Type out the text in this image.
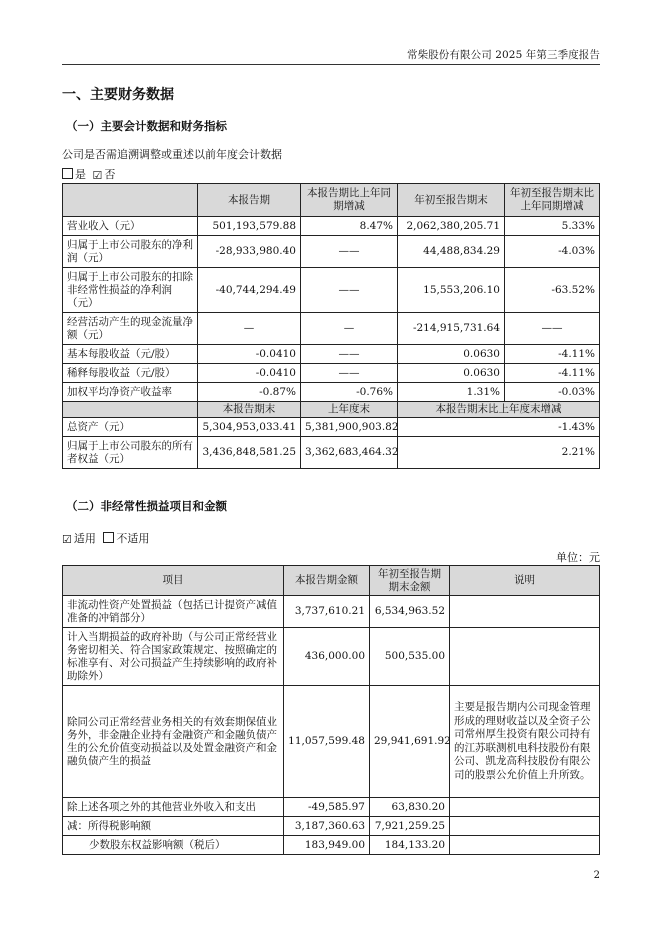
常柴股份有限公司 2025 年第三季度报告
一、主要财务数据
（一）主要会计数据和财务指标
公司是否需追溯调整或重述以前年度会计数据
是 ☑ 否
	本报告期	本报告期比上年同期增减	年初至报告期末	年初至报告期末比上年同期增减
营业收入（元）	501,193,579.88	8.47%	2,062,380,205.71	5.33%
归属于上市公司股东的净利润（元）	-28,933,980.40	——	44,488,834.29	-4.03%
归属于上市公司股东的扣除非经常性损益的净利润（元）	-40,744,294.49	——	15,553,206.10	-63.52%
经营活动产生的现金流量净额（元）	—	—	-214,915,731.64	——
基本每股收益（元/股）	-0.0410	——	0.0630	-4.11%
稀释每股收益（元/股）	-0.0410	——	0.0630	-4.11%
加权平均净资产收益率	-0.87%	-0.76%	1.31%	-0.03%
	本报告期末	上年度末	本报告期末比上年度末增减	
总资产（元）	5,304,953,033.41	5,381,900,903.82	-1.43%	
归属于上市公司股东的所有者权益（元）	3,436,848,581.25	3,362,683,464.32	2.21%	
（二）非经常性损益项目和金额
☑ 适用 不适用
单位：元
项目	本报告期金额	年初至报告期期末金额	说明
非流动性资产处置损益（包括已计提资产减值准备的冲销部分）	3,737,610.21	6,534,963.52	
计入当期损益的政府补助（与公司正常经营业务密切相关、符合国家政策规定、按照确定的标准享有、对公司损益产生持续影响的政府补助除外）	436,000.00	500,535.00	
除同公司正常经营业务相关的有效套期保值业务外，非金融企业持有金融资产和金融负债产生的公允价值变动损益以及处置金融资产和金融负债产生的损益	11,057,599.48	29,941,691.92	主要是报告期内公司现金管理形成的理财收益以及全资子公司常州厚生投资有限公司持有的江苏联测机电科技股份有限公司、凯龙高科技股份有限公司的股票公允价值上升所致。
除上述各项之外的其他营业外收入和支出	-49,585.97	63,830.20	
减：所得税影响额	3,187,360.63	7,921,259.25	
少数股东权益影响额（税后）	183,949.00	184,133.20	
2
